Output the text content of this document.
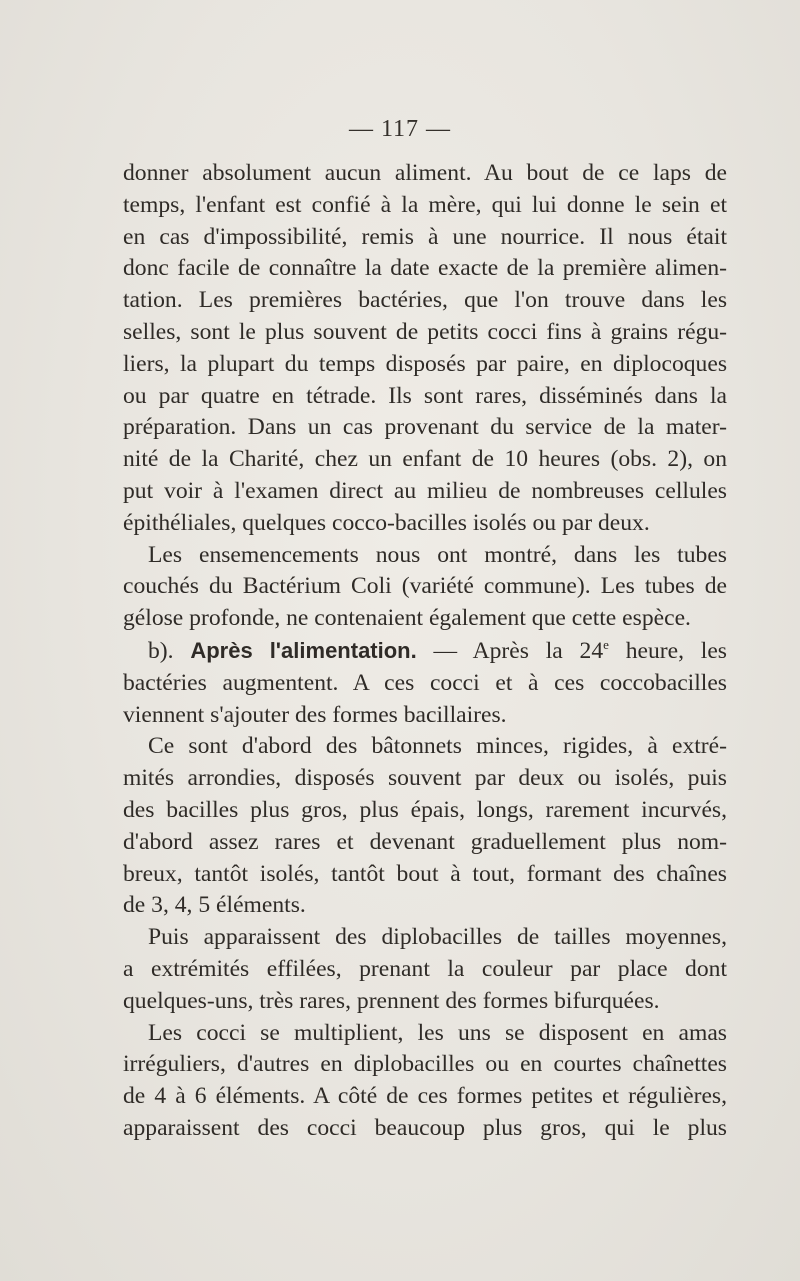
— 117 —
donner absolument aucun aliment. Au bout de ce laps de
temps, l'enfant est confié à la mère, qui lui donne le sein et
en cas d'impossibilité, remis à une nourrice. Il nous était
donc facile de connaître la date exacte de la première alimen-
tation. Les premières bactéries, que l'on trouve dans les
selles, sont le plus souvent de petits cocci fins à grains régu-
liers, la plupart du temps disposés par paire, en diplocoques
ou par quatre en tétrade. Ils sont rares, disséminés dans la
préparation. Dans un cas provenant du service de la mater-
nité de la Charité, chez un enfant de 10 heures (obs. 2), on
put voir à l'examen direct au milieu de nombreuses cellules
épithéliales, quelques cocco-bacilles isolés ou par deux.
Les ensemencements nous ont montré, dans les tubes
couchés du Bactérium Coli (variété commune). Les tubes de
gélose profonde, ne contenaient également que cette espèce.
b). Après l'alimentation. — Après la 24e heure, les
bactéries augmentent. A ces cocci et à ces coccobacilles
viennent s'ajouter des formes bacillaires.
Ce sont d'abord des bâtonnets minces, rigides, à extré-
mités arrondies, disposés souvent par deux ou isolés, puis
des bacilles plus gros, plus épais, longs, rarement incurvés,
d'abord assez rares et devenant graduellement plus nom-
breux, tantôt isolés, tantôt bout à tout, formant des chaînes
de 3, 4, 5 éléments.
Puis apparaissent des diplobacilles de tailles moyennes,
a extrémités effilées, prenant la couleur par place dont
quelques-uns, très rares, prennent des formes bifurquées.
Les cocci se multiplient, les uns se disposent en amas
irréguliers, d'autres en diplobacilles ou en courtes chaînettes
de 4 à 6 éléments. A côté de ces formes petites et régulières,
apparaissent des cocci beaucoup plus gros, qui le plus
